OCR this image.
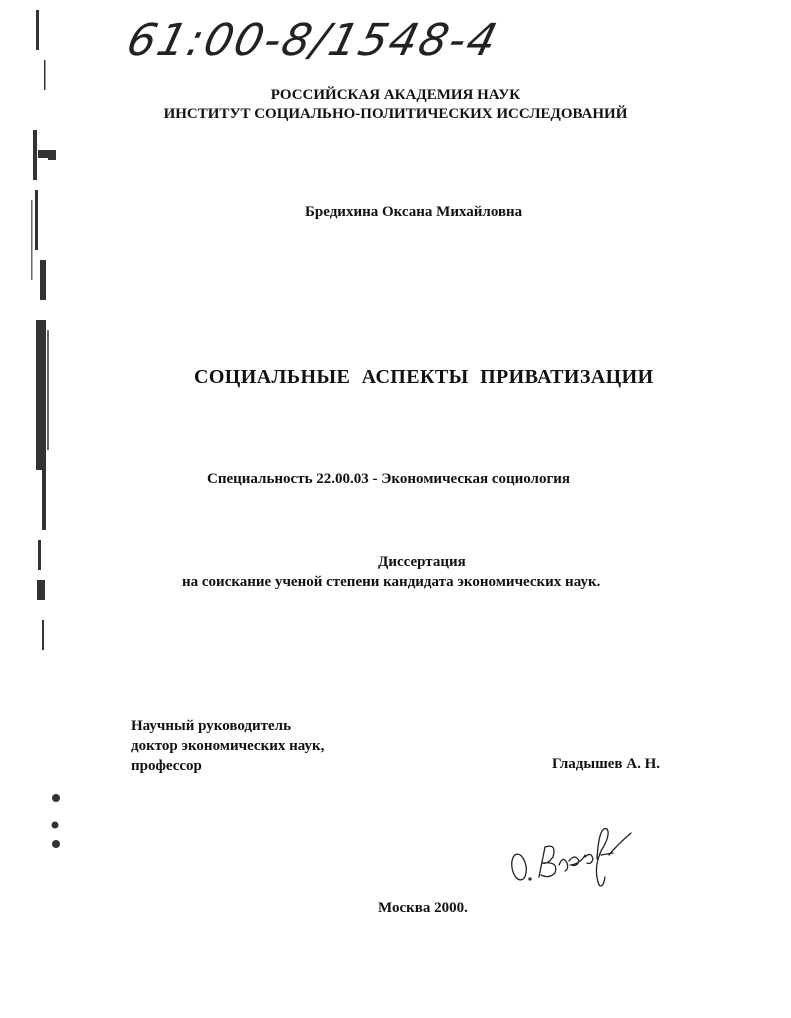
61:00-8/1548-4
РОССИЙСКАЯ АКАДЕМИЯ НАУК
ИНСТИТУТ СОЦИАЛЬНО-ПОЛИТИЧЕСКИХ ИССЛЕДОВАНИЙ
Бредихина Оксана Михайловна
СОЦИАЛЬНЫЕ АСПЕКТЫ ПРИВАТИЗАЦИИ
Специальность 22.00.03 - Экономическая социология
Диссертация
на соискание ученой степени кандидата экономических наук.
Научный руководитель
доктор экономических наук,
профессор	Гладышев А. Н.
Москва 2000.
